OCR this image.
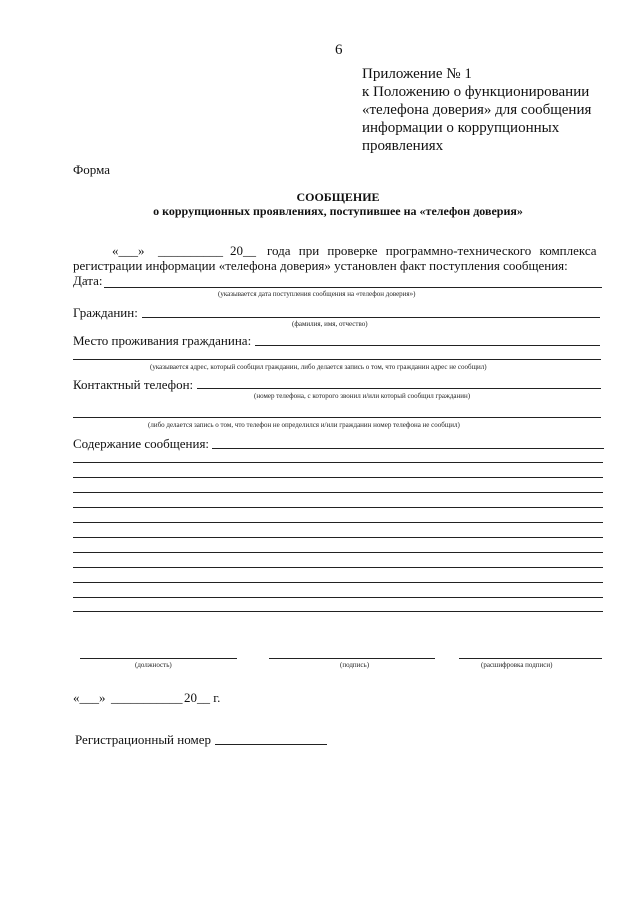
6
Приложение № 1
к Положению о функционировании
«телефона доверия» для сообщения
информации о коррупционных
проявлениях
Форма
СООБЩЕНИЕ
о коррупционных проявлениях, поступившее на «телефон доверия»
«___» __________ 20__ года при проверке программно-технического комплекса
регистрации информации «телефона доверия» установлен факт поступления сообщения:
Дата:
(указывается дата поступления сообщения на «телефон доверия»)
Гражданин:
(фамилия, имя, отчество)
Место проживания гражданина:
(указывается адрес, который сообщил гражданин, либо делается запись о том, что гражданин адрес не сообщил)
Контактный телефон:
(номер телефона, с которого звонил и/или который сообщил гражданин)
(либо делается запись о том, что телефон не определился и/или гражданин номер телефона не сообщил)
Содержание сообщения:
(должность)	(подпись)	(расшифровка подписи)
«___» ___________ 20__ г.
Регистрационный номер
